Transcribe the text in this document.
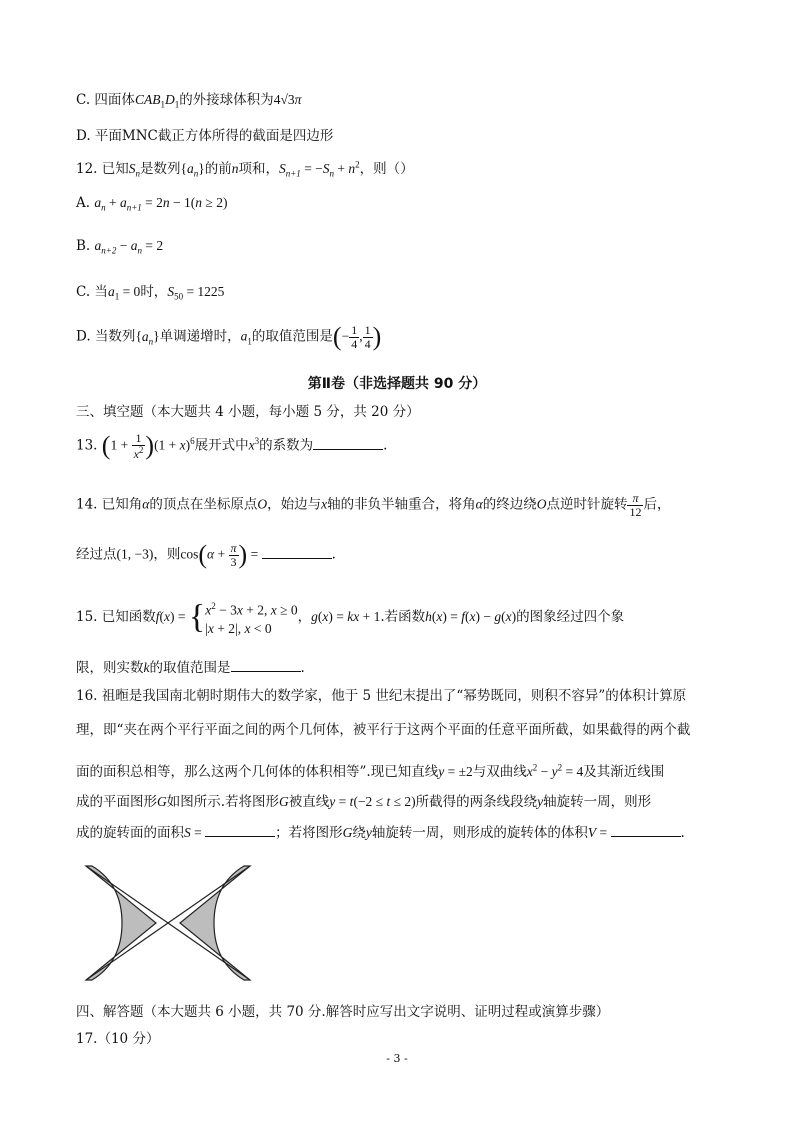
C. 四面体$CAB_1D_1$的外接球体积为4√3π
D. 平面MNC截正方体所得的截面是四边形
12. 已知$S_n$是数列$\{a_n\}$的前n项和，$S_{n+1} = -S_n + n^2$，则（）
A. $a_n + a_{n+1} = 2n - 1(n \ge 2)$
B. $a_{n+2} - a_n = 2$
C. 当$a_1 = 0$时，$S_{50} = 1225$
D. 当数列$\{a_n\}$单调递增时，$a_1$的取值范围是(− $\frac{1}{4}$ , $\frac{1}{4}$ )
第Ⅱ卷（非选择题共 90 分）
三、填空题（本大题共 4 小题，每小题 5 分，共 20 分）
13. $(1 + \frac{1}{x^2} )(1 + x)^6$展开式中$x^3$的系数为	.
14. 已知角α的顶点在坐标原点O，始边与x轴的非负半轴重合，将角α的终边绕O点逆时针旋转 $\frac{\pi}{12}$ 后，
经过点(1, −3)，则$\cos(\alpha + \frac{\pi}{3}$ ) =	.
15. 已知函数f(x) = { $x^2 - 3x + 2$, x ≥ 0
|x + 2|, x < 0
，g(x) = kx + 1.若函数h(x) = f(x) − g(x)的图象经过四个象
限，则实数k的取值范围是	.
16. 祖暅是我国南北朝时期伟大的数学家，他于 5 世纪末提出了“幂势既同，则积不容异”的体积计算原
理，即“夹在两个平行平面之间的两个几何体，被平行于这两个平面的任意平面所截，如果截得的两个截
面的面积总相等，那么这两个几何体的体积相等”.现已知直线y = ±2与双曲线$x^2 - y^2 = 4$及其渐近线围
成的平面图形G如图所示.若将图形G被直线y = t(−2 ≤ t ≤ 2)所截得的两条线段绕y轴旋转一周，则形
成的旋转面的面积S =	；若将图形G绕y轴旋转一周，则形成的旋转体的体积V =	.
四、解答题（本大题共 6 小题，共 70 分.解答时应写出文字说明、证明过程或演算步骤）
17.（10 分）
- 3 -
